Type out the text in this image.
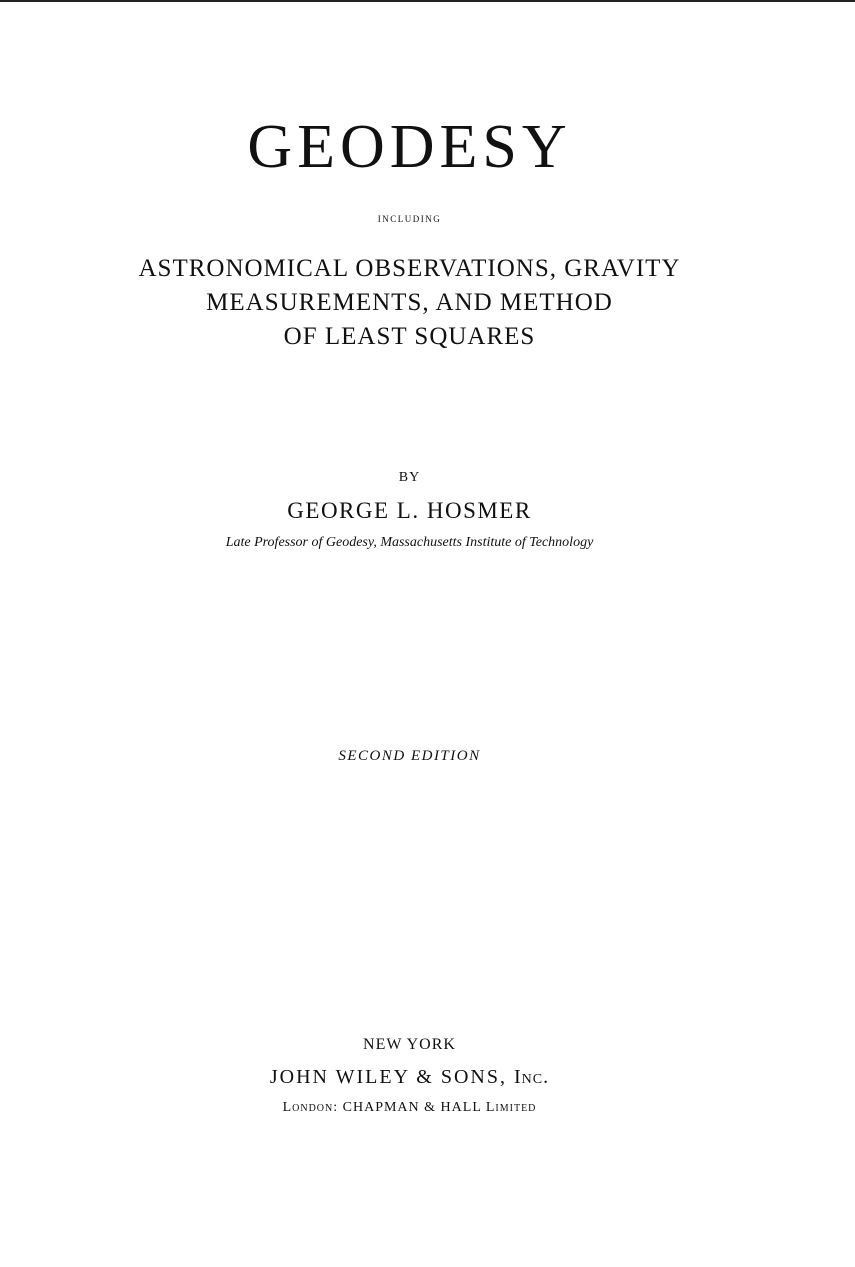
GEODESY
including
ASTRONOMICAL OBSERVATIONS, GRAVITY
MEASUREMENTS, AND METHOD
OF LEAST SQUARES
BY
GEORGE L. HOSMER
Late Professor of Geodesy, Massachusetts Institute of Technology
SECOND EDITION
NEW YORK
JOHN WILEY & SONS, Inc.
London: CHAPMAN & HALL Limited
